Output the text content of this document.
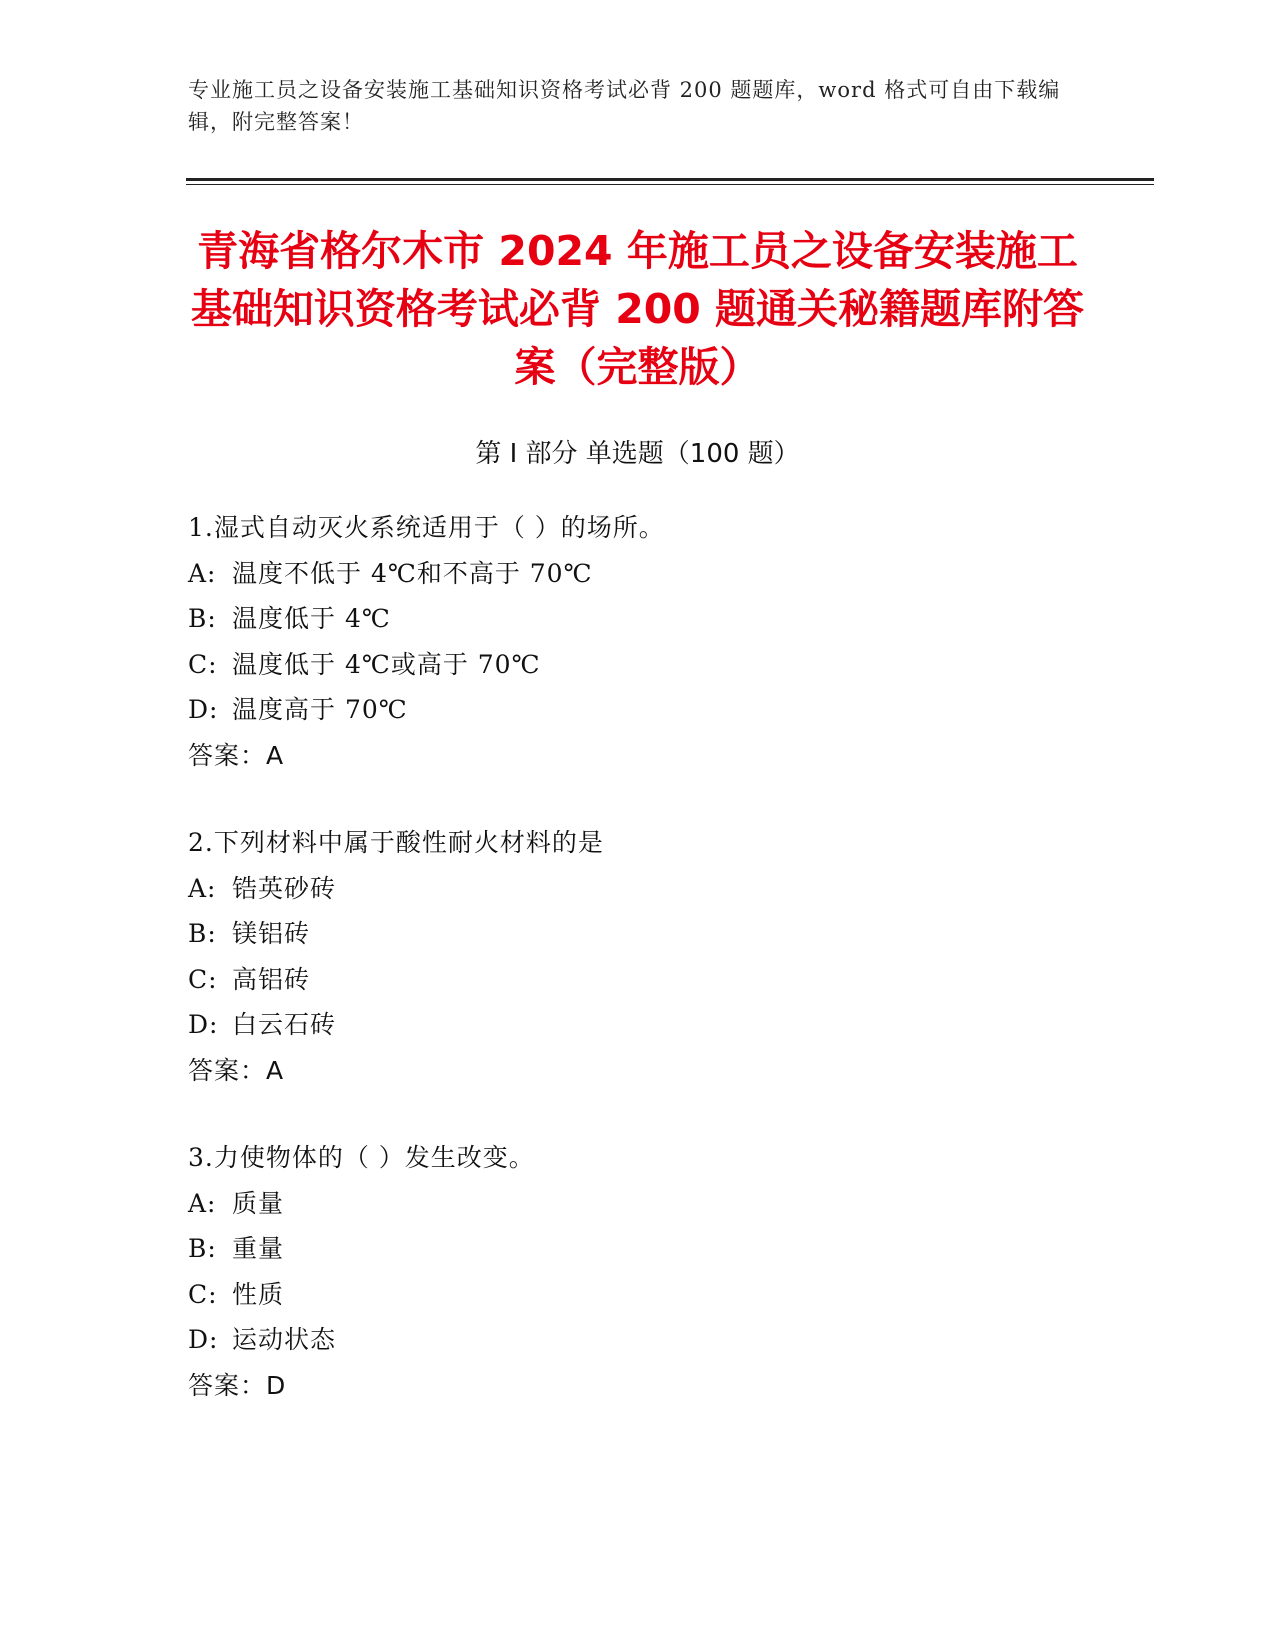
专业施工员之设备安装施工基础知识资格考试必背 200 题题库，word 格式可自由下载编辑，附完整答案！
青海省格尔木市 2024 年施工员之设备安装施工基础知识资格考试必背 200 题通关秘籍题库附答案（完整版）
第 I 部分 单选题（100 题）
1.湿式自动灭火系统适用于（ ）的场所。
A: 温度不低于 4℃和不高于 70℃
B: 温度低于 4℃
C: 温度低于 4℃或高于 70℃
D: 温度高于 70℃
答案：A
2.下列材料中属于酸性耐火材料的是
A: 锆英砂砖
B: 镁铝砖
C: 高铝砖
D: 白云石砖
答案：A
3.力使物体的（ ）发生改变。
A: 质量
B: 重量
C: 性质
D: 运动状态
答案：D
